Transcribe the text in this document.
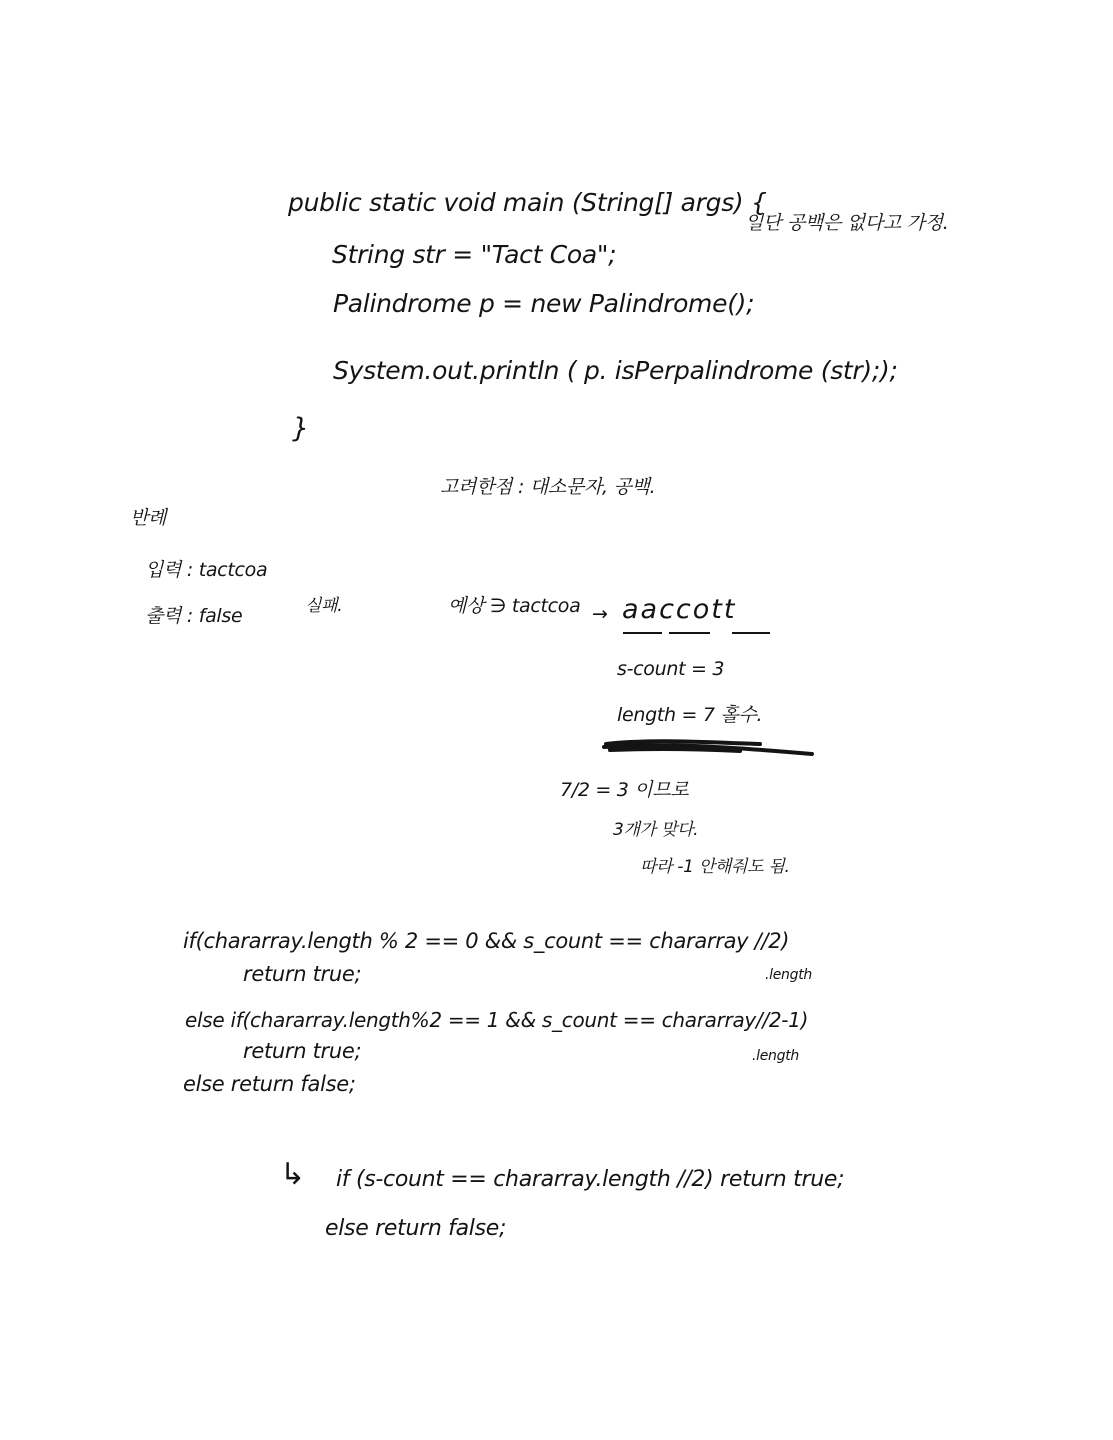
public static void main (String[] args) {
일단 공백은 없다고 가정.
String str = "Tact Coa";
Palindrome p = new Palindrome();
System.out.println ( p. isPerpalindrome (str););
}
고려한점 : 대소문자, 공백.
반례
입력 : tactcoa
출력 : false	실패.	예상 ∋ tactcoa → aaccott
s-count = 3
length = 7 홀수.
7/2 = 3 이므로
3개가 맞다.
따라 -1 안해줘도 됨.
if(chararray.length % 2 == 0 && s_count == chararray //2)
.length
return true;
else if(chararray.length%2 == 1 && s_count == chararray//2-1)
.length
return true;
else return false;
↳ if (s-count == chararray.length //2) return true;
else return false;
